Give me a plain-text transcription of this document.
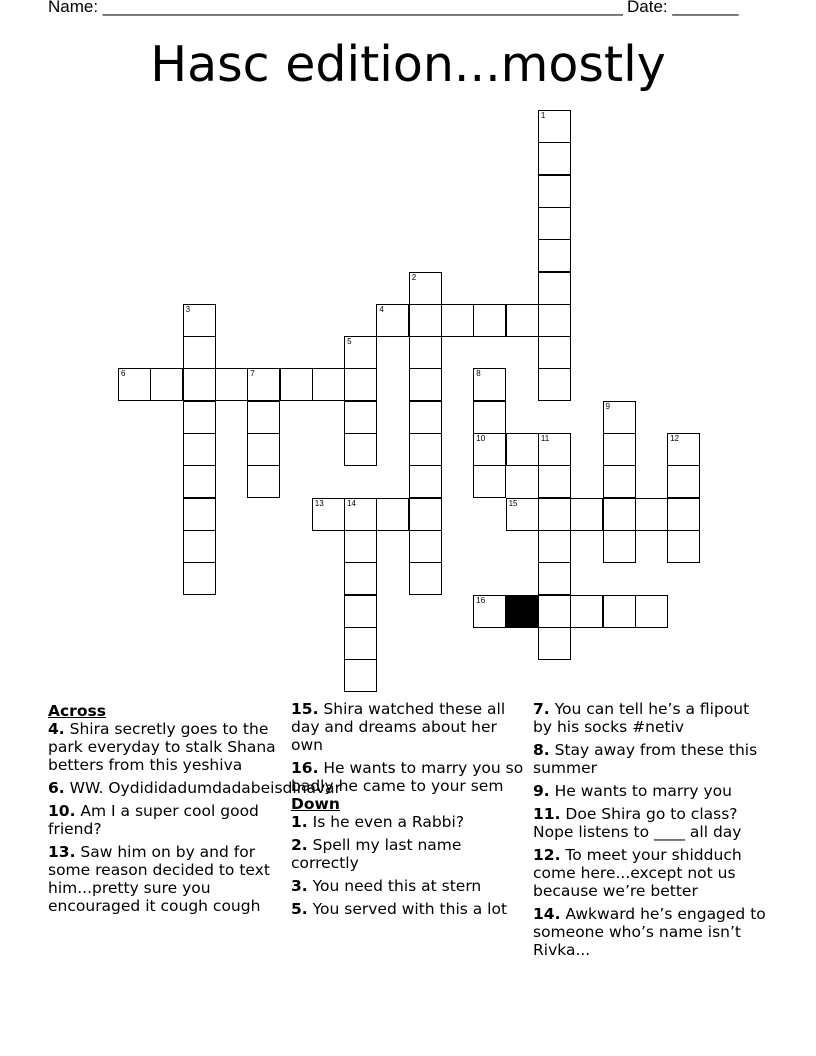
Name: _______________________________________________________ Date: _______
Hasc edition...mostly
4
6	7
10	11
13	14	15
16
1
2
3
5
8
9
12
Across
4. Shira secretly goes to the park everyday to stalk Shana betters from this yeshiva
6. WW. Oydididadumdadabeisdinavar
10. Am I a super cool good friend?
13. Saw him on by and for some reason decided to text him...pretty sure you encouraged it cough cough
15. Shira watched these all day and dreams about her own
16. He wants to marry you so badly he came to your sem
Down
1. Is he even a Rabbi?
2. Spell my last name correctly
3. You need this at stern
5. You served with this a lot
7. You can tell he’s a flipout by his socks #netiv
8. Stay away from these this summer
9. He wants to marry you
11. Doe Shira go to class? Nope listens to ____ all day
12. To meet your shidduch come here...except not us because we’re better
14. Awkward he’s engaged to someone who’s name isn’t Rivka...
